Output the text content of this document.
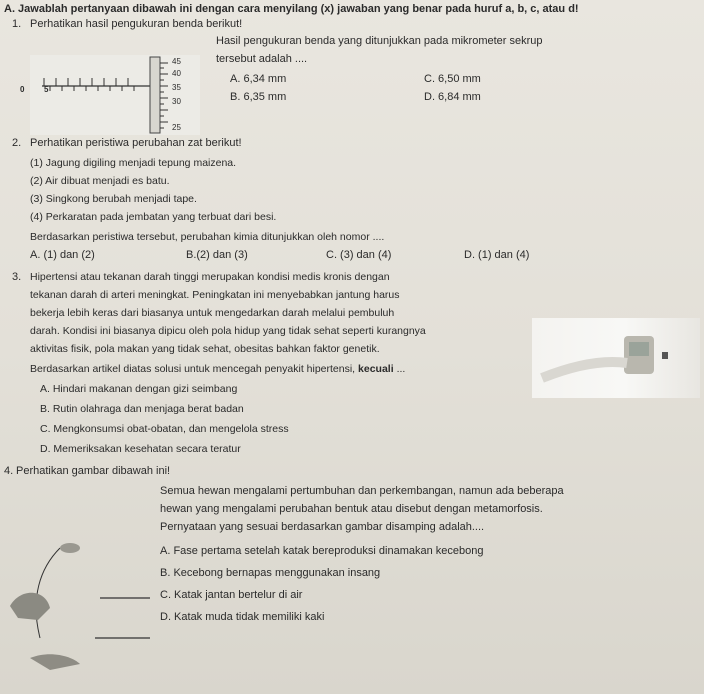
A. Jawablah pertanyaan dibawah ini dengan cara menyilang (x) jawaban yang benar pada huruf a, b, c, atau d!
1. Perhatikan hasil pengukuran benda berikut!
0 5
45
40
35
30
25
Hasil pengukuran benda yang ditunjukkan pada mikrometer sekrup
tersebut adalah ....
A. 6,34 mm
B. 6,35 mm
C. 6,50 mm
D. 6,84 mm
2. Perhatikan peristiwa perubahan zat berikut!
(1) Jagung digiling menjadi tepung maizena.
(2) Air dibuat menjadi es batu.
(3) Singkong berubah menjadi tape.
(4) Perkaratan pada jembatan yang terbuat dari besi.
Berdasarkan peristiwa tersebut, perubahan kimia ditunjukkan oleh nomor ....
A. (1) dan (2)	B.(2) dan (3)	C. (3) dan (4)	D. (1) dan (4)
3. Hipertensi atau tekanan darah tinggi merupakan kondisi medis kronis dengan
tekanan darah di arteri meningkat. Peningkatan ini menyebabkan jantung harus
bekerja lebih keras dari biasanya untuk mengedarkan darah melalui pembuluh
darah. Kondisi ini biasanya dipicu oleh pola hidup yang tidak sehat seperti kurangnya
aktivitas fisik, pola makan yang tidak sehat, obesitas bahkan faktor genetik.
Berdasarkan artikel diatas solusi untuk mencegah penyakit hipertensi, kecuali ...
A. Hindari makanan dengan gizi seimbang
B. Rutin olahraga dan menjaga berat badan
C. Mengkonsumsi obat-obatan, dan mengelola stress
D. Memeriksakan kesehatan secara teratur
4. Perhatikan gambar dibawah ini!
Semua hewan mengalami pertumbuhan dan perkembangan, namun ada beberapa
hewan yang mengalami perubahan bentuk atau disebut dengan metamorfosis.
Pernyataan yang sesuai berdasarkan gambar disamping adalah....
A. Fase pertama setelah katak bereproduksi dinamakan kecebong
B. Kecebong bernapas menggunakan insang
C. Katak jantan bertelur di air
D. Katak muda tidak memiliki kaki
